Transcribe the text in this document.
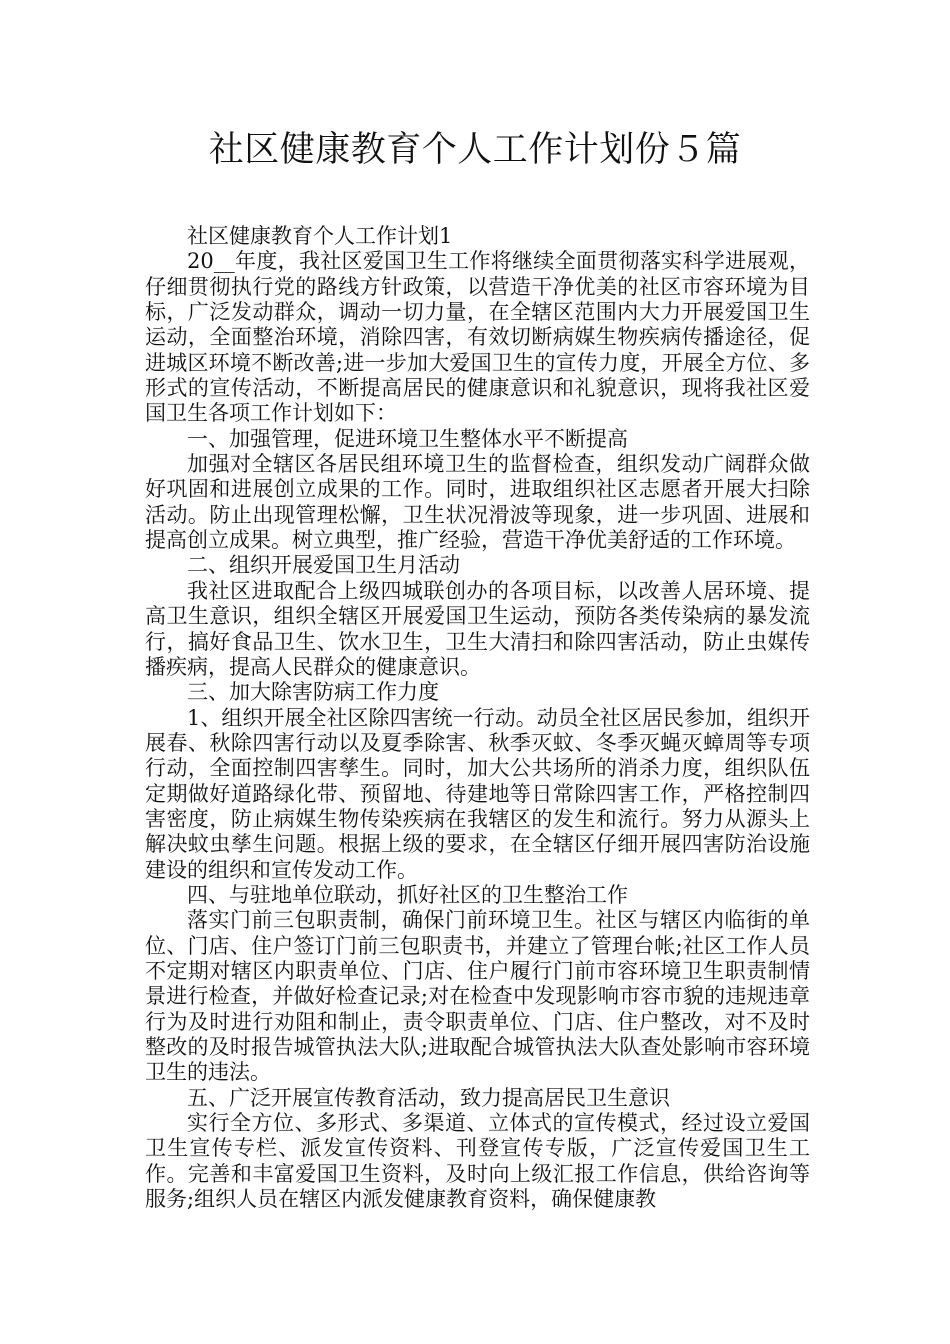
社区健康教育个人工作计划份５篇

社区健康教育个人工作计划1

20__年度，我社区爱国卫生工作将继续全面贯彻落实科学进展观，仔细贯彻执行党的路线方针政策，以营造干净优美的社区市容环境为目标，广泛发动群众，调动一切力量，在全辖区范围内大力开展爱国卫生运动，全面整治环境，消除四害，有效切断病媒生物疾病传播途径，促进城区环境不断改善;进一步加大爱国卫生的宣传力度，开展全方位、多形式的宣传活动，不断提高居民的健康意识和礼貌意识，现将我社区爱国卫生各项工作计划如下：

一、加强管理，促进环境卫生整体水平不断提高

加强对全辖区各居民组环境卫生的监督检查，组织发动广阔群众做好巩固和进展创立成果的工作。同时，进取组织社区志愿者开展大扫除活动。防止出现管理松懈，卫生状况滑波等现象，进一步巩固、进展和提高创立成果。树立典型，推广经验，营造干净优美舒适的工作环境。

二、组织开展爱国卫生月活动

我社区进取配合上级四城联创办的各项目标，以改善人居环境、提高卫生意识，组织全辖区开展爱国卫生运动，预防各类传染病的暴发流行，搞好食品卫生、饮水卫生，卫生大清扫和除四害活动，防止虫媒传播疾病，提高人民群众的健康意识。

三、加大除害防病工作力度

1、组织开展全社区除四害统一行动。动员全社区居民参加，组织开展春、秋除四害行动以及夏季除害、秋季灭蚊、冬季灭蝇灭蟑周等专项行动，全面控制四害孳生。同时，加大公共场所的消杀力度，组织队伍定期做好道路绿化带、预留地、待建地等日常除四害工作，严格控制四害密度，防止病媒生物传染疾病在我辖区的发生和流行。努力从源头上解决蚊虫孳生问题。根据上级的要求，在全辖区仔细开展四害防治设施建设的组织和宣传发动工作。

四、与驻地单位联动，抓好社区的卫生整治工作

落实门前三包职责制，确保门前环境卫生。社区与辖区内临街的单位、门店、住户签订门前三包职责书，并建立了管理台帐;社区工作人员不定期对辖区内职责单位、门店、住户履行门前市容环境卫生职责制情景进行检查，并做好检查记录;对在检查中发现影响市容市貌的违规违章行为及时进行劝阻和制止，责令职责单位、门店、住户整改，对不及时整改的及时报告城管执法大队;进取配合城管执法大队查处影响市容环境卫生的违法。

五、广泛开展宣传教育活动，致力提高居民卫生意识

实行全方位、多形式、多渠道、立体式的宣传模式，经过设立爱国卫生宣传专栏、派发宣传资料、刊登宣传专版，广泛宣传爱国卫生工作。完善和丰富爱国卫生资料，及时向上级汇报工作信息，供给咨询等服务;组织人员在辖区内派发健康教育资料，确保健康教
